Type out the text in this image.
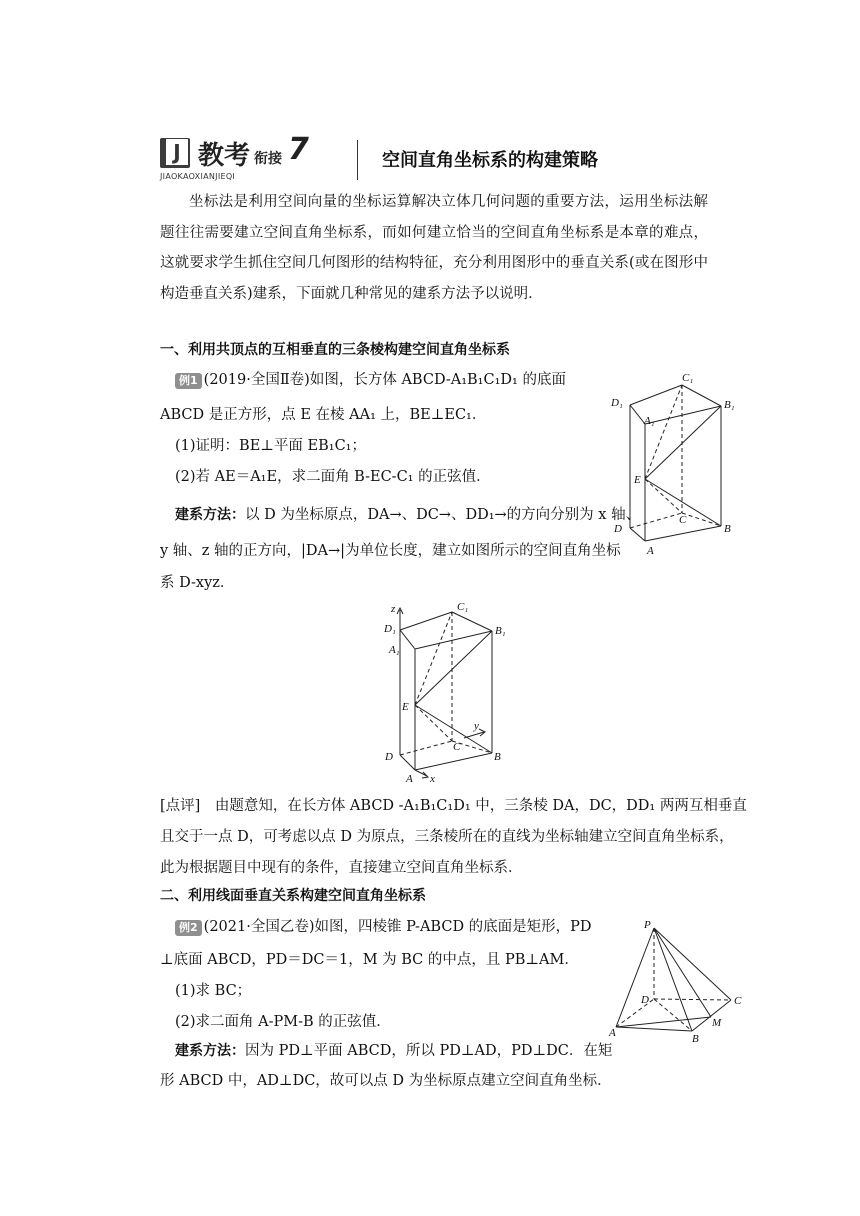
J 教考 衔接 7
JIAOKAOXIANJIEQI
空间直角坐标系的构建策略
坐标法是利用空间向量的坐标运算解决立体几何问题的重要方法，运用坐标法解题往往需要建立空间直角坐标系，而如何建立恰当的空间直角坐标系是本章的难点，这就要求学生抓住空间几何图形的结构特征，充分利用图形中的垂直关系(或在图形中构造垂直关系)建系，下面就几种常见的建系方法予以说明．
一、利用共顶点的互相垂直的三条棱构建空间直角坐标系
例1 (2019·全国Ⅱ卷)如图，长方体 ABCD-A₁B₁C₁D₁ 的底面
ABCD 是正方形，点 E 在棱 AA₁ 上，BE⊥EC₁．
(1)证明：BE⊥平面 EB₁C₁；
(2)若 AE＝A₁E，求二面角 B-EC-C₁ 的正弦值．
建系方法：以 D 为坐标原点，DA→、DC→、DD₁→的方向分别为 x 轴、
y 轴、z 轴的正方向，|DA→|为单位长度，建立如图所示的空间直角坐标
系 D-xyz．
C₁
D₁	B₁
A₁
E
C
D	B
A
z	C₁
D₁	B₁
A₁
E
y
C
D	B
A x
[点评]　由题意知，在长方体 ABCD -A₁B₁C₁D₁ 中，三条棱 DA，DC，DD₁ 两两互相垂直
且交于一点 D，可考虑以点 D 为原点，三条棱所在的直线为坐标轴建立空间直角坐标系，
此为根据题目中现有的条件，直接建立空间直角坐标系．
二、利用线面垂直关系构建空间直角坐标系
例2 (2021·全国乙卷)如图，四棱锥 P-ABCD 的底面是矩形，PD
⊥底面 ABCD，PD＝DC＝1，M 为 BC 的中点，且 PB⊥AM．
(1)求 BC；
(2)求二面角 A-PM-B 的正弦值．
建系方法：因为 PD⊥平面 ABCD，所以 PD⊥AD，PD⊥DC．在矩
形 ABCD 中，AD⊥DC，故可以点 D 为坐标原点建立空间直角坐标．
P
D	C
M
A	B
